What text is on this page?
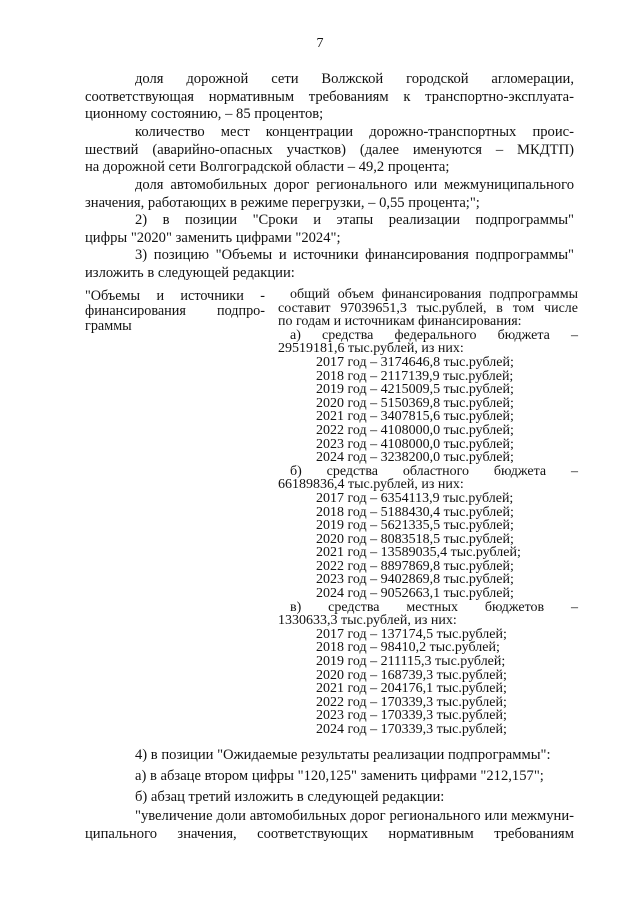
7
доля дорожной сети Волжской городской агломерации,
соответствующая нормативным требованиям к транспортно-эксплуата-
ционному состоянию, – 85 процентов;
количество мест концентрации дорожно-транспортных проис-
шествий (аварийно-опасных участков) (далее именуются – МКДТП)
на дорожной сети Волгоградской области – 49,2 процента;
доля автомобильных дорог регионального или межмуниципального
значения, работающих в режиме перегрузки, – 0,55 процента;";
2) в позиции "Сроки и этапы реализации подпрограммы"
цифры "2020" заменить цифрами "2024";
3) позицию "Объемы и источники финансирования подпрограммы"
изложить в следующей редакции:
"Объемы и источники -
финансирования подпро-
граммы
общий объем финансирования подпрограммы
составит 97039651,3 тыс.рублей, в том числе
по годам и источникам финансирования:
а) средства федерального бюджета –
29519181,6 тыс.рублей, из них:
2017 год – 3174646,8 тыс.рублей;
2018 год – 2117139,9 тыс.рублей;
2019 год – 4215009,5 тыс.рублей;
2020 год – 5150369,8 тыс.рублей;
2021 год – 3407815,6 тыс.рублей;
2022 год – 4108000,0 тыс.рублей;
2023 год – 4108000,0 тыс.рублей;
2024 год – 3238200,0 тыс.рублей;
б) средства областного бюджета –
66189836,4 тыс.рублей, из них:
2017 год – 6354113,9 тыс.рублей;
2018 год – 5188430,4 тыс.рублей;
2019 год – 5621335,5 тыс.рублей;
2020 год – 8083518,5 тыс.рублей;
2021 год – 13589035,4 тыс.рублей;
2022 год – 8897869,8 тыс.рублей;
2023 год – 9402869,8 тыс.рублей;
2024 год – 9052663,1 тыс.рублей;
в) средства местных бюджетов –
1330633,3 тыс.рублей, из них:
2017 год – 137174,5 тыс.рублей;
2018 год – 98410,2 тыс.рублей;
2019 год – 211115,3 тыс.рублей;
2020 год – 168739,3 тыс.рублей;
2021 год – 204176,1 тыс.рублей;
2022 год – 170339,3 тыс.рублей;
2023 год – 170339,3 тыс.рублей;
2024 год – 170339,3 тыс.рублей;
4) в позиции "Ожидаемые результаты реализации подпрограммы":
а) в абзаце втором цифры "120,125" заменить цифрами "212,157";
б) абзац третий изложить в следующей редакции:
"увеличение доли автомобильных дорог регионального или межмуни-
ципального значения, соответствующих нормативным требованиям
